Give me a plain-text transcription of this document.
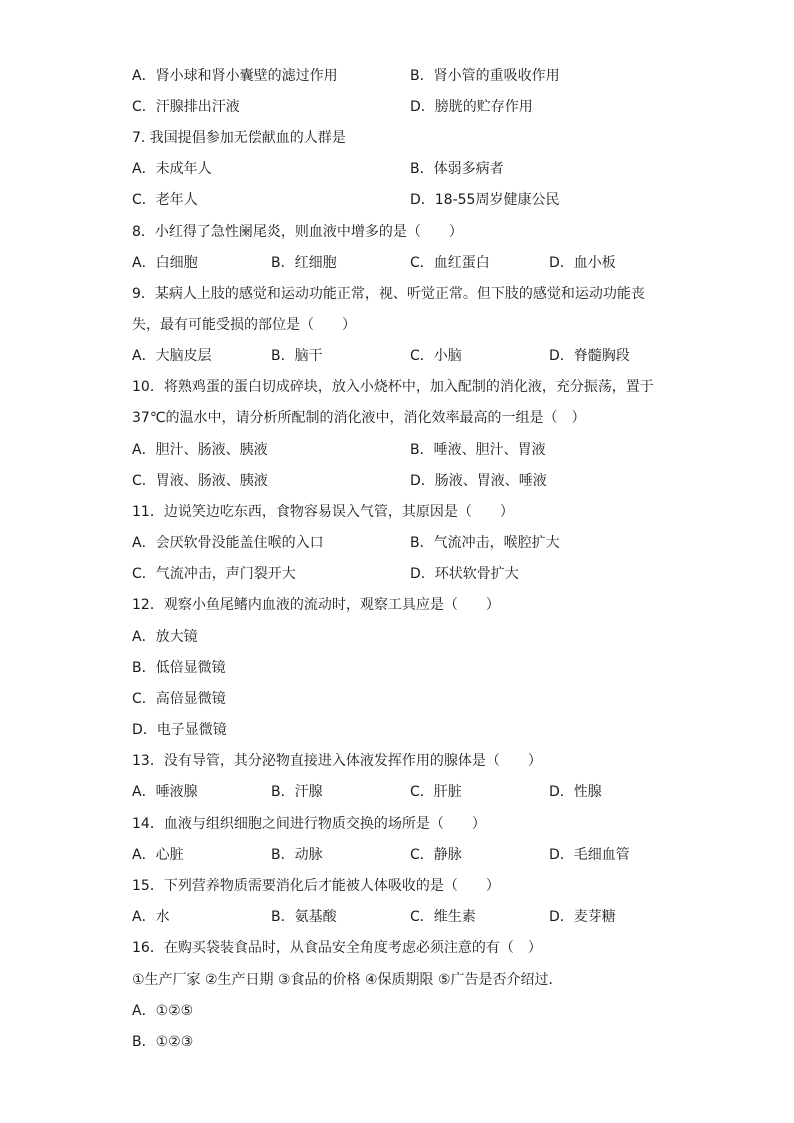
A．肾小球和肾小囊壁的滤过作用	B．肾小管的重吸收作用
C．汗腺排出汗液	D．膀胱的贮存作用
7. 我国提倡参加无偿献血的人群是
A．未成年人	B．体弱多病者
C．老年人	D．18-55周岁健康公民
8．小红得了急性阑尾炎，则血液中增多的是（　　）
A．白细胞	B．红细胞	C．血红蛋白	D．血小板
9．某病人上肢的感觉和运动功能正常，视、听觉正常。但下肢的感觉和运动功能丧
失，最有可能受损的部位是（　　）
A．大脑皮层	B．脑干	C．小脑	D．脊髓胸段
10．将熟鸡蛋的蛋白切成碎块，放入小烧杯中，加入配制的消化液，充分振荡，置于
37℃的温水中，请分析所配制的消化液中，消化效率最高的一组是（　）
A．胆汁、肠液、胰液	B．唾液、胆汁、胃液
C．胃液、肠液、胰液	D．肠液、胃液、唾液
11．边说笑边吃东西，食物容易误入气管，其原因是（　　）
A．会厌软骨没能盖住喉的入口	B．气流冲击，喉腔扩大
C．气流冲击，声门裂开大	D．环状软骨扩大
12．观察小鱼尾鳍内血液的流动时，观察工具应是（　　）
A．放大镜
B．低倍显微镜
C．高倍显微镜
D．电子显微镜
13．没有导管，其分泌物直接进入体液发挥作用的腺体是（　　）
A．唾液腺	B．汗腺	C．肝脏	D．性腺
14．血液与组织细胞之间进行物质交换的场所是（　　）
A．心脏	B．动脉	C．静脉	D．毛细血管
15．下列营养物质需要消化后才能被人体吸收的是（　　）
A．水	B．氨基酸	C．维生素	D．麦芽糖
16．在购买袋装食品时，从食品安全角度考虑必须注意的有（　）
①生产厂家 ②生产日期 ③食品的价格 ④保质期限 ⑤广告是否介绍过．
A．①②⑤
B．①②③
